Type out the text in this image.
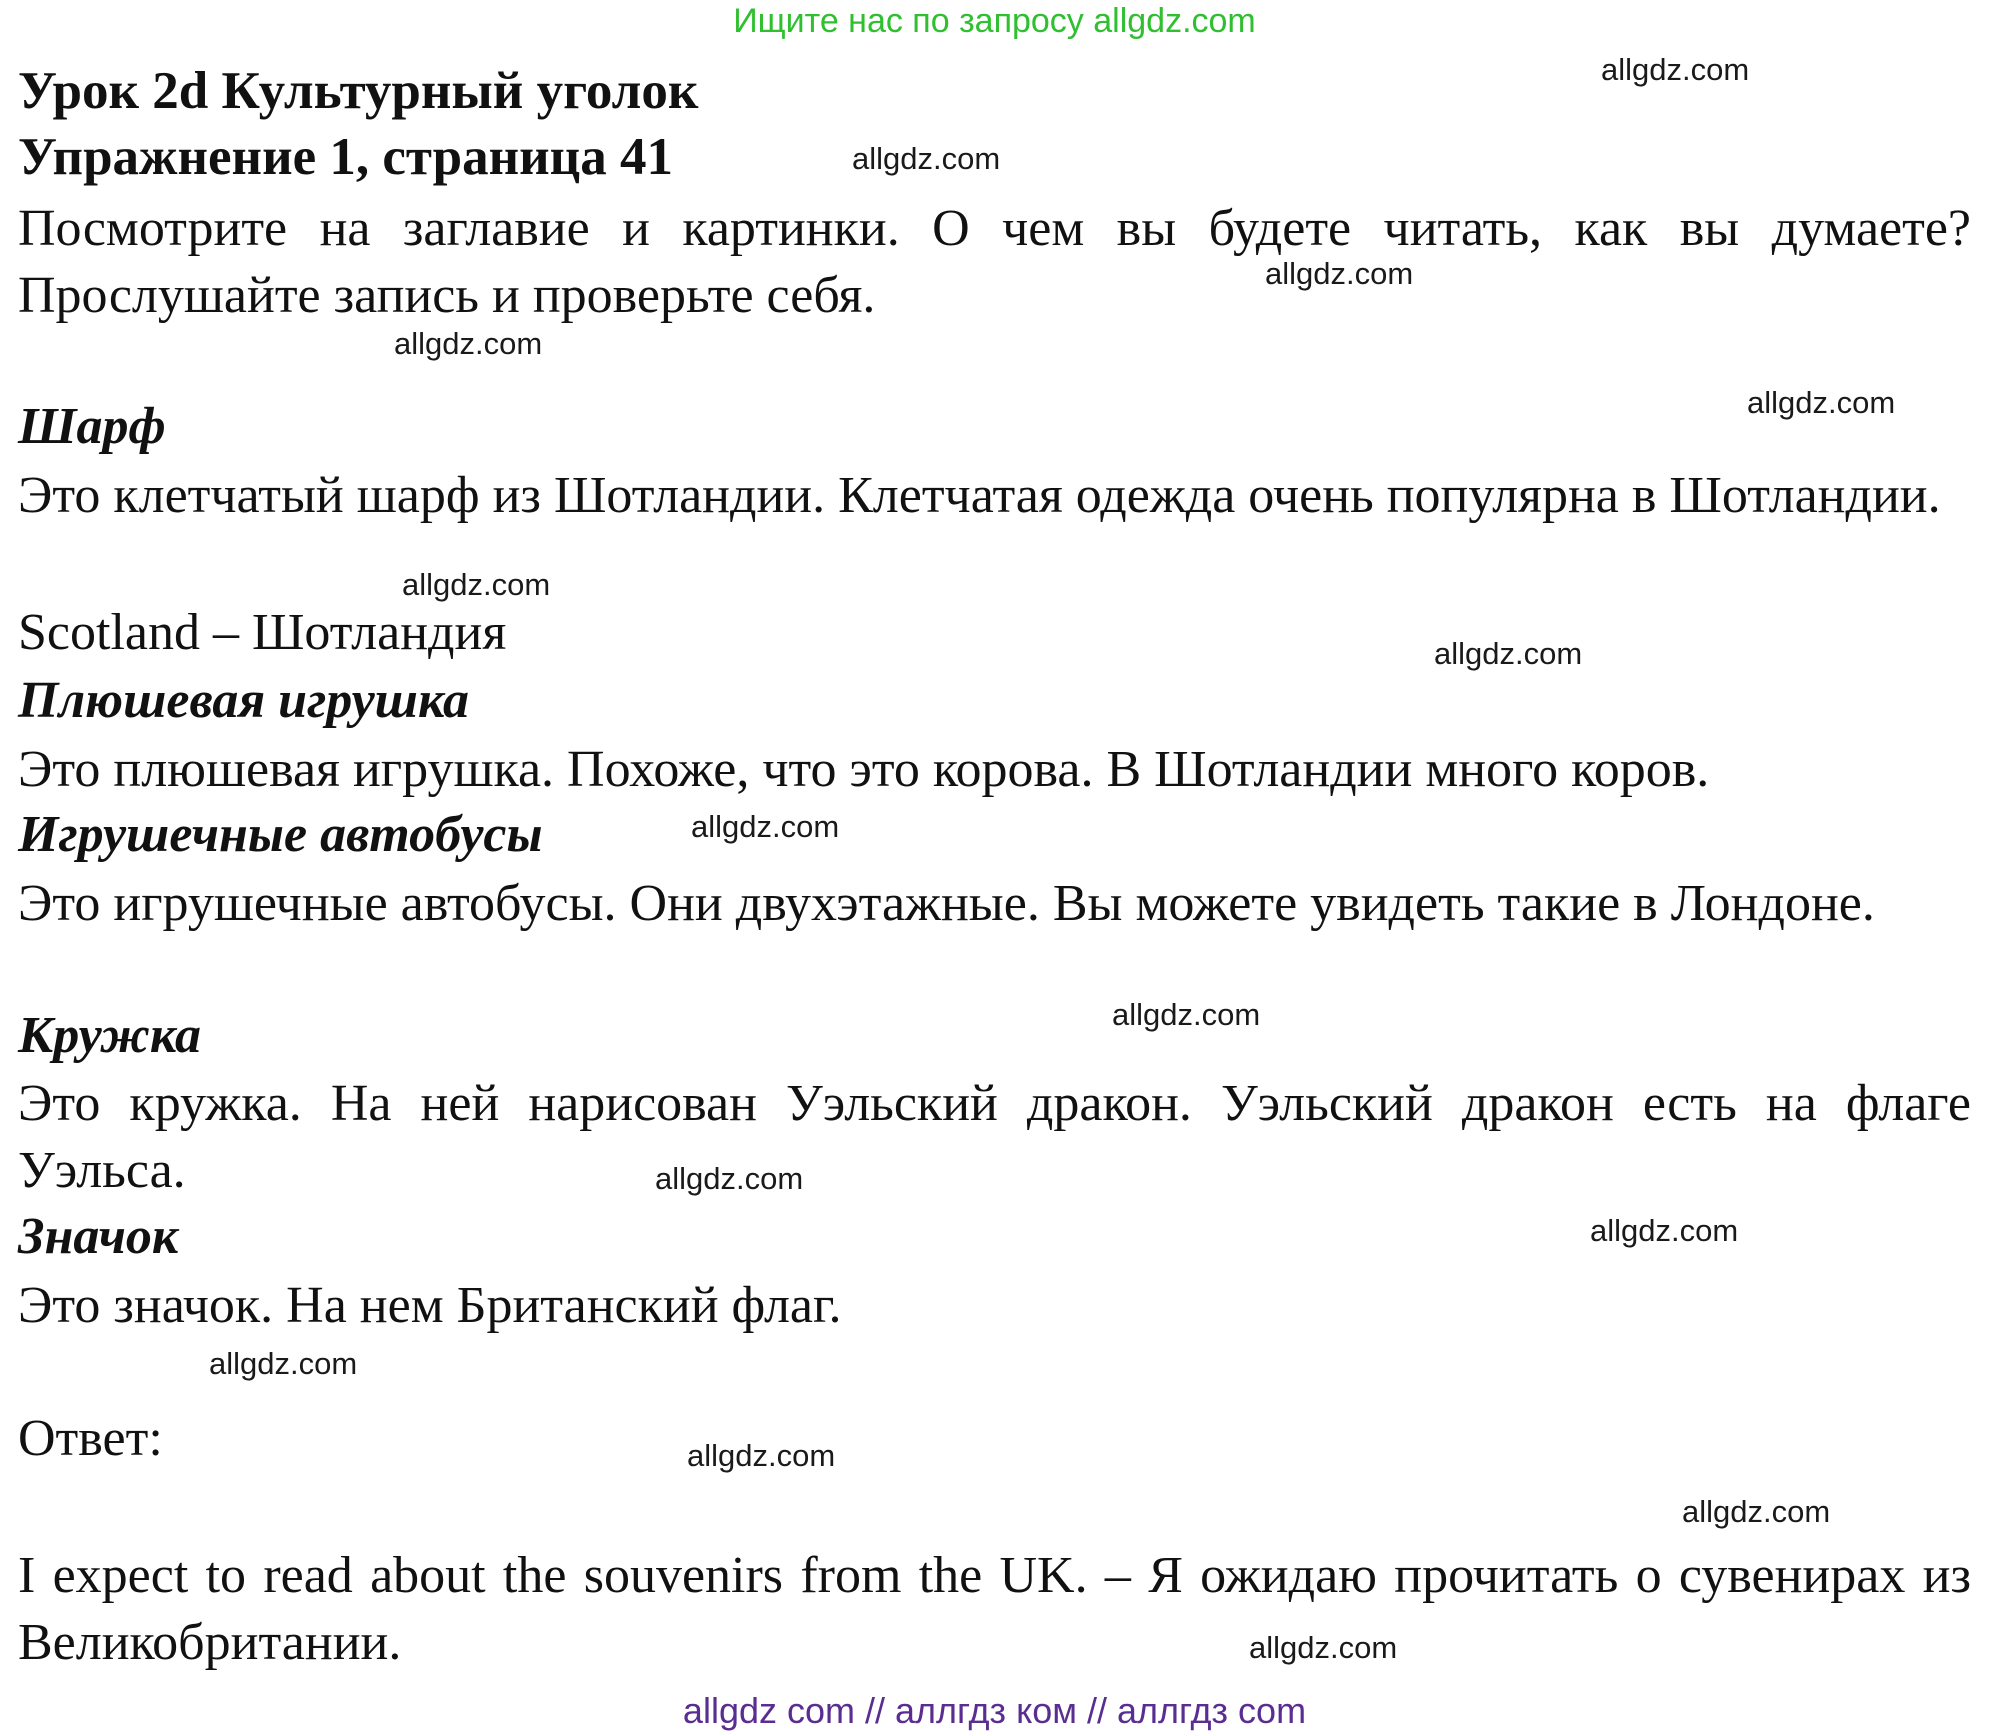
Ищите нас по запросу allgdz.com
Урок 2d Культурный уголок
Упражнение 1, страница 41
Посмотрите на заглавие и картинки. О чем вы будете читать, как вы думаете? Прослушайте запись и проверьте себя.
Шарф
Это клетчатый шарф из Шотландии. Клетчатая одежда очень популярна в Шотландии.
Scotland – Шотландия
Плюшевая игрушка
Это плюшевая игрушка. Похоже, что это корова. В Шотландии много коров.
Игрушечные автобусы
Это игрушечные автобусы. Они двухэтажные. Вы можете увидеть такие в Лондоне.
Кружка
Это кружка. На ней нарисован Уэльский дракон. Уэльский дракон есть на флаге Уэльса.
Значок
Это значок. На нем Британский флаг.
Ответ:
I expect to read about the souvenirs from the UK. – Я ожидаю прочитать о сувенирах из Великобритании.
allgdz.com
allgdz.com
allgdz.com
allgdz.com
allgdz.com
allgdz.com
allgdz.com
allgdz.com
allgdz.com
allgdz.com
allgdz.com
allgdz.com
allgdz.com
allgdz.com
allgdz.com
allgdz com // аллгдз ком // аллгдз com
